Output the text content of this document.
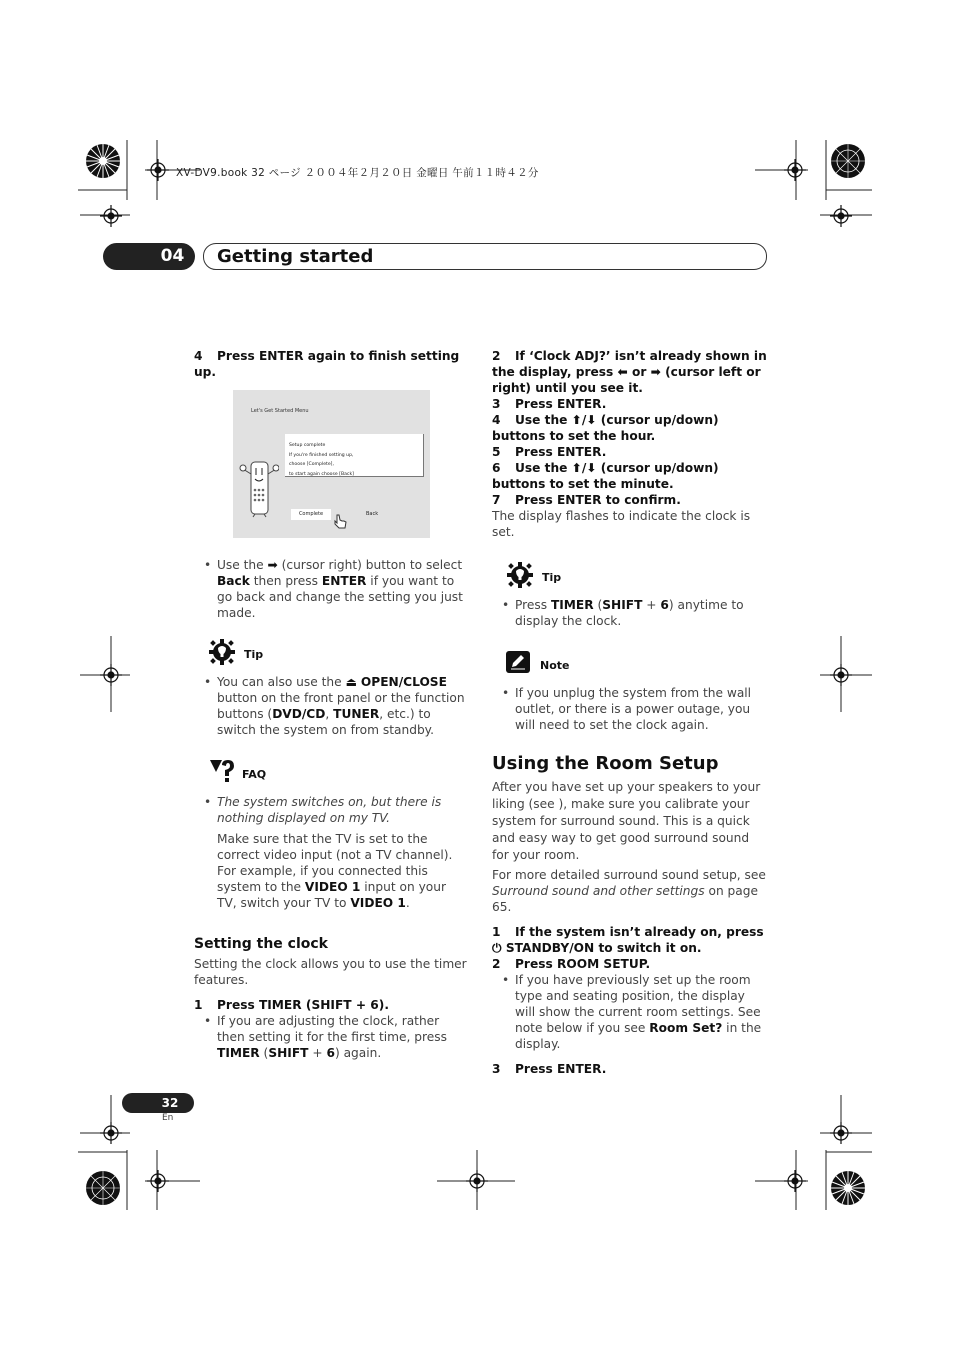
XV-DV9.book 32 ページ ２００４年２月２０日 金曜日 午前１１時４２分
04	Getting started

4 Press ENTER again to finish setting up.

Let's Get Started Menu
Setup complete
If you're finished setting up,
choose [Complete],
to start again choose [Back]
Complete	Back

• Use the ➡ (cursor right) button to select Back then press ENTER if you want to go back and change the setting you just made.

Tip

• You can also use the ⏏ OPEN/CLOSE button on the front panel or the function buttons (DVD/CD, TUNER, etc.) to switch the system on from standby.

FAQ

• The system switches on, but there is nothing displayed on my TV.

Make sure that the TV is set to the correct video input (not a TV channel). For example, if you connected this system to the VIDEO 1 input on your TV, switch your TV to VIDEO 1.

Setting the clock

Setting the clock allows you to use the timer features.

1 Press TIMER (SHIFT + 6).

• If you are adjusting the clock, rather then setting it for the first time, press TIMER (SHIFT + 6) again.

2 If ‘Clock ADJ?’ isn’t already shown in the display, press ⬅ or ➡ (cursor left or right) until you see it.

3 Press ENTER.

4 Use the ⬆/⬇ (cursor up/down) buttons to set the hour.

5 Press ENTER.

6 Use the ⬆/⬇ (cursor up/down) buttons to set the minute.

7 Press ENTER to confirm.

The display flashes to indicate the clock is set.

Tip

• Press TIMER (SHIFT + 6) anytime to display the clock.

Note

• If you unplug the system from the wall outlet, or there is a power outage, you will need to set the clock again.

Using the Room Setup

After you have set up your speakers to your liking (see ), make sure you calibrate your system for surround sound. This is a quick and easy way to get good surround sound for your room.

For more detailed surround sound setup, see Surround sound and other settings on page 65.

1 If the system isn’t already on, press
⏻ STANDBY/ON to switch it on.

2 Press ROOM SETUP.

• If you have previously set up the room type and seating position, the display will show the current room settings. See note below if you see Room Set? in the display.

3 Press ENTER.

32
En
